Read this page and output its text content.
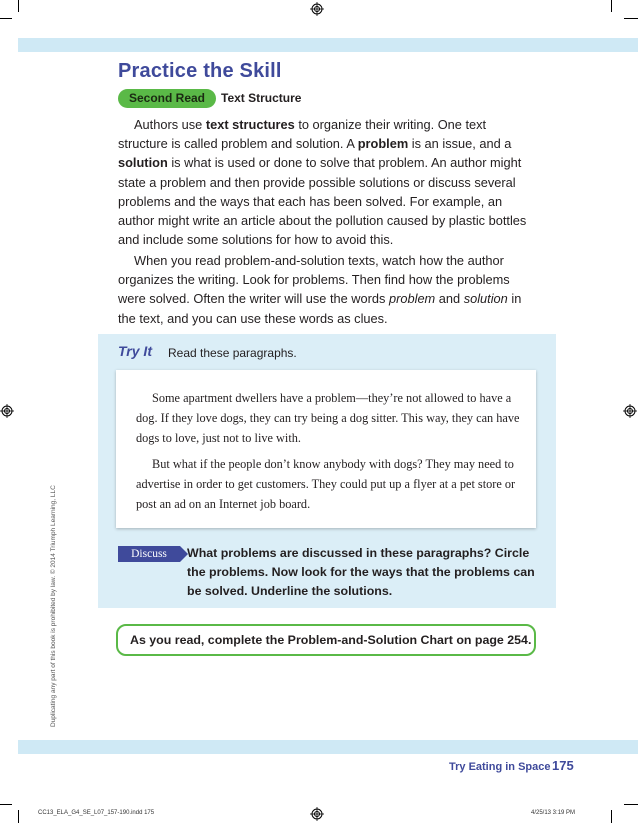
Practice the Skill
Second Read	Text Structure

Authors use text structures to organize their writing. One text structure is called problem and solution. A problem is an issue, and a solution is what is used or done to solve that problem. An author might state a problem and then provide possible solutions or discuss several problems and the ways that each has been solved. For example, an author might write an article about the pollution caused by plastic bottles and include some solutions for how to avoid this.

When you read problem-and-solution texts, watch how the author organizes the writing. Look for problems. Then find how the problems were solved. Often the writer will use the words problem and solution in the text, and you can use these words as clues.

Try It Read these paragraphs.

Some apartment dwellers have a problem—they’re not allowed to have a dog. If they love dogs, they can try being a dog sitter. This way, they can have dogs to love, just not to live with.

But what if the people don’t know anybody with dogs? They may need to advertise in order to get customers. They could put up a flyer at a pet store or post an ad on an Internet job board.

Discuss	What problems are discussed in these paragraphs? Circle the problems. Now look for the ways that the problems can be solved. Underline the solutions.
As you read, complete the Problem-and-Solution Chart on page 254.
Duplicating any part of this book is prohibited by law. © 2014 Triumph Learning, LLC
Try Eating in Space 175
CC13_ELA_G4_SE_L07_157-190.indd 175	4/25/13 3:19 PM
